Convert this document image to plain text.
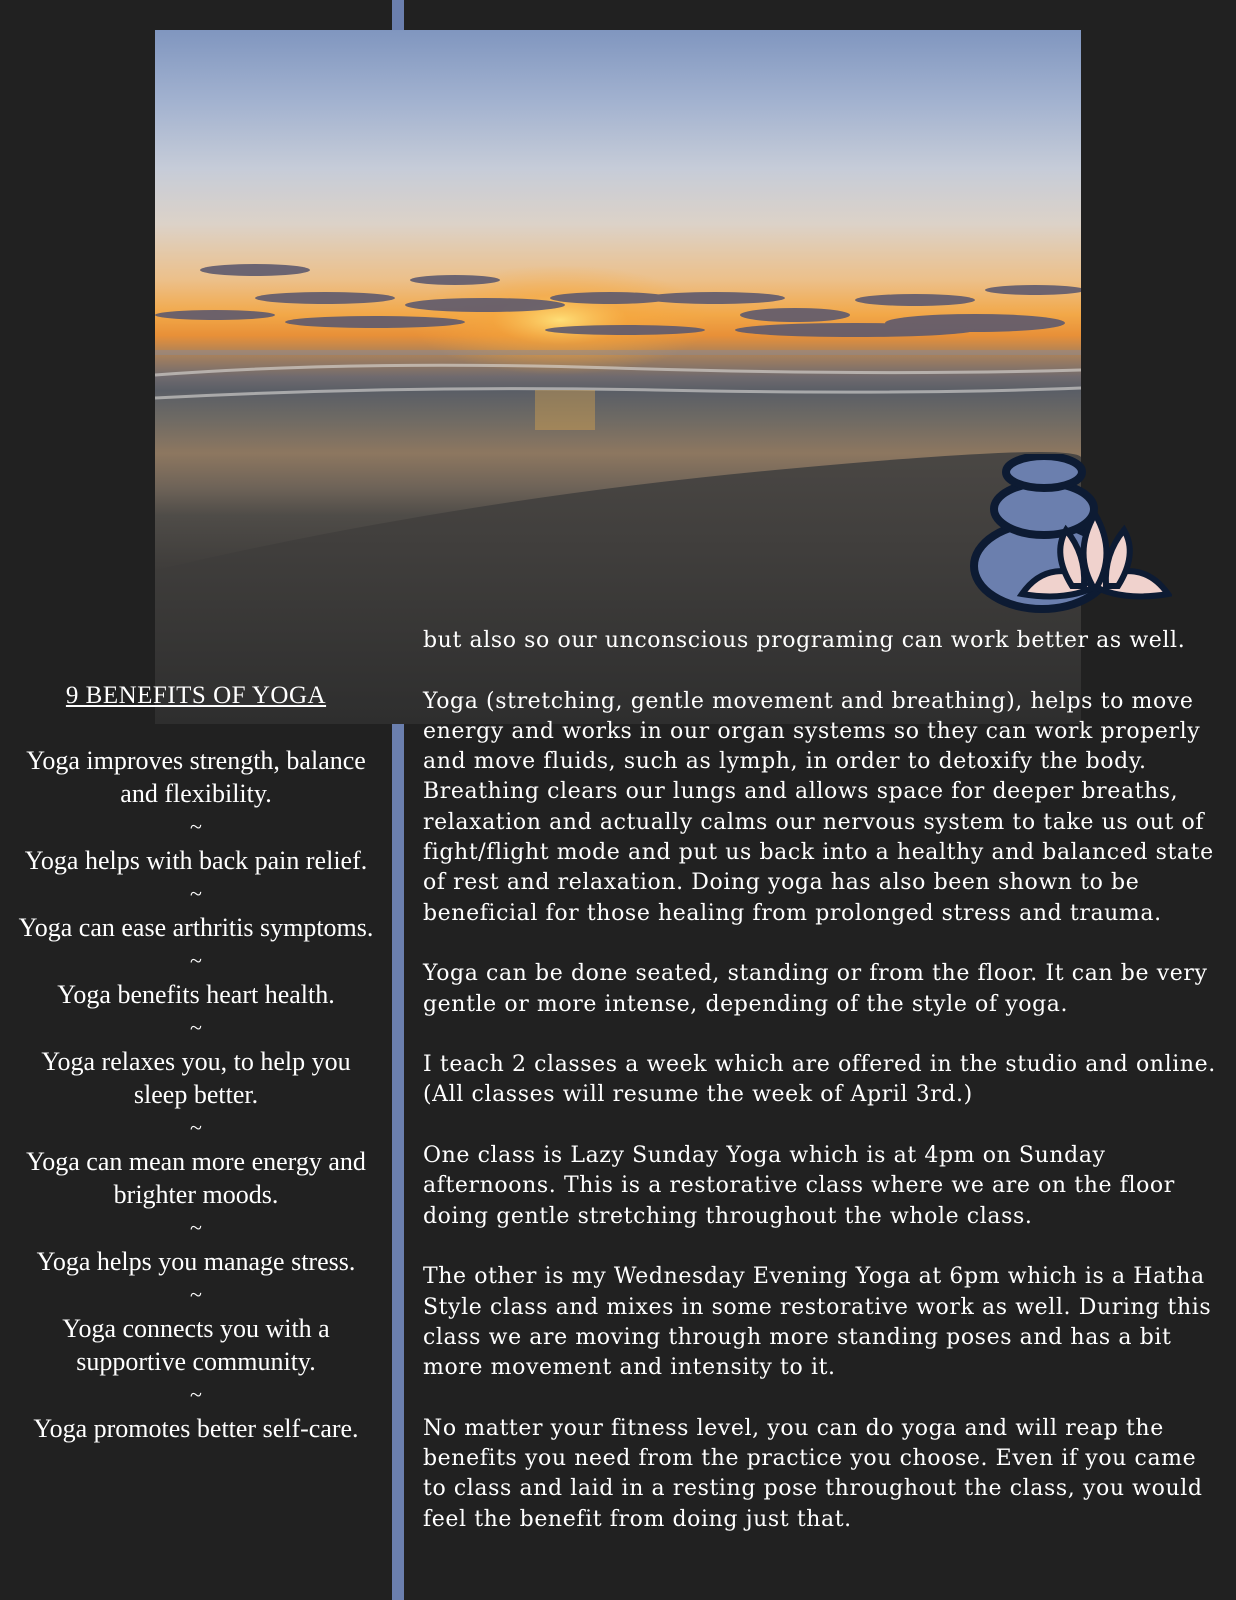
9 BENEFITS OF YOGA

Yoga improves strength, balance and flexibility.

~

Yoga helps with back pain relief.

~

Yoga can ease arthritis symptoms.

~

Yoga benefits heart health.

~

Yoga relaxes you, to help you sleep better.

~

Yoga can mean more energy and brighter moods.

~

Yoga helps you manage stress.

~

Yoga connects you with a supportive community.

~

Yoga promotes better self-care.

but also so our unconscious programing can work better as well.

Yoga (stretching, gentle movement and breathing), helps to move energy and works in our organ systems so they can work properly and move fluids, such as lymph, in order to detoxify the body. Breathing clears our lungs and allows space for deeper breaths, relaxation and actually calms our nervous system to take us out of fight/flight mode and put us back into a healthy and balanced state of rest and relaxation. Doing yoga has also been shown to be beneficial for those healing from prolonged stress and trauma.

Yoga can be done seated, standing or from the floor. It can be very gentle or more intense, depending of the style of yoga.

I teach 2 classes a week which are offered in the studio and online. (All classes will resume the week of April 3rd.)

One class is Lazy Sunday Yoga which is at 4pm on Sunday afternoons. This is a restorative class where we are on the floor doing gentle stretching throughout the whole class.

The other is my Wednesday Evening Yoga at 6pm which is a Hatha Style class and mixes in some restorative work as well. During this class we are moving through more standing poses and has a bit more movement and intensity to it.

No matter your fitness level, you can do yoga and will reap the benefits you need from the practice you choose. Even if you came to class and laid in a resting pose throughout the class, you would feel the benefit from doing just that.
